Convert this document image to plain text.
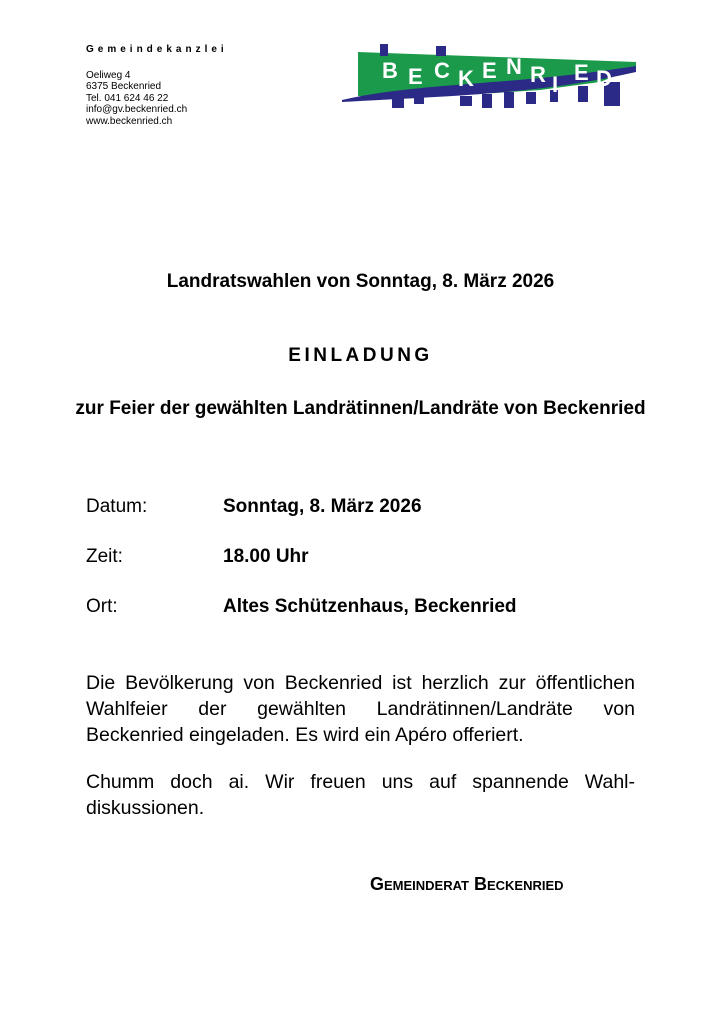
Gemeindekanzlei
Oeliweg 4
6375 Beckenried
Tel. 041 624 46 22
info@gv.beckenried.ch
www.beckenried.ch
B E C K E N R I E D
Landratswahlen von Sonntag, 8. März 2026
EINLADUNG
zur Feier der gewählten Landrätinnen/Landräte von Beckenried
Datum:	Sonntag, 8. März 2026
Zeit:	18.00 Uhr
Ort:	Altes Schützenhaus, Beckenried
Die Bevölkerung von Beckenried ist herzlich zur öffentlichen Wahlfeier der gewählten Landrätinnen/Landräte von Beckenried eingeladen. Es wird ein Apéro offeriert.
Chumm doch ai. Wir freuen uns auf spannende Wahldiskussionen.
Gemeinderat Beckenried
